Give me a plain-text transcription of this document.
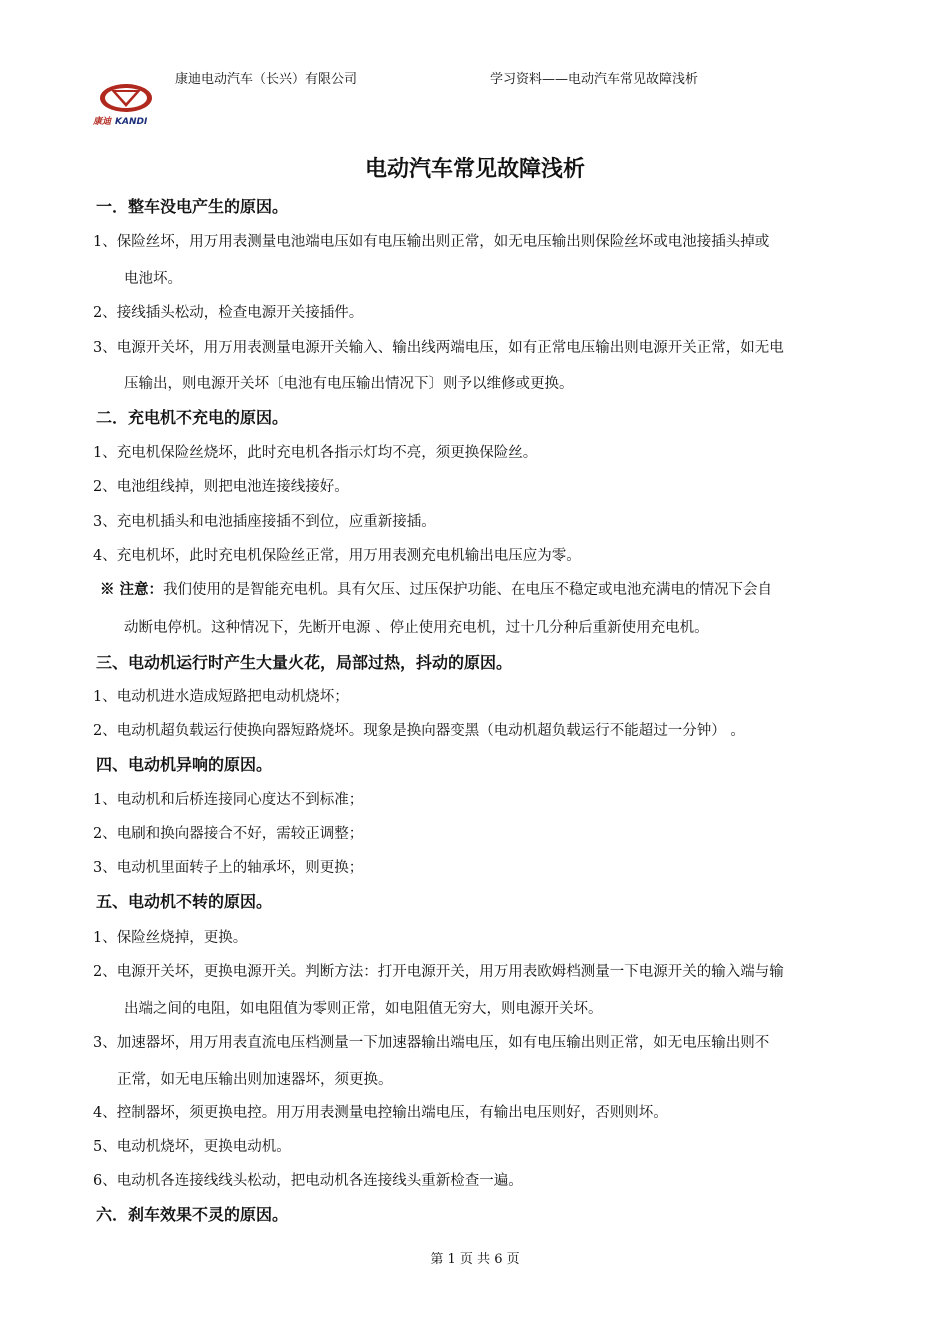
康迪电动汽车（长兴）有限公司	学习资料——电动汽车常见故障浅析
康迪 KANDI
电动汽车常见故障浅析
一．整车没电产生的原因。
1、保险丝坏，用万用表测量电池端电压如有电压输出则正常，如无电压输出则保险丝坏或电池接插头掉或
电池坏。
2、接线插头松动，检查电源开关接插件。
3、电源开关坏，用万用表测量电源开关输入、输出线两端电压，如有正常电压输出则电源开关正常，如无电
压输出，则电源开关坏〔电池有电压输出情况下〕则予以维修或更换。
二．充电机不充电的原因。
1、充电机保险丝烧坏，此时充电机各指示灯均不亮，须更换保险丝。
2、电池组线掉，则把电池连接线接好。
3、充电机插头和电池插座接插不到位，应重新接插。
4、充电机坏，此时充电机保险丝正常，用万用表测充电机输出电压应为零。
※ 注意：我们使用的是智能充电机。具有欠压、过压保护功能、在电压不稳定或电池充满电的情况下会自
动断电停机。这种情况下，先断开电源 、停止使用充电机，过十几分种后重新使用充电机。
三、电动机运行时产生大量火花，局部过热，抖动的原因。
1、电动机进水造成短路把电动机烧坏；
2、电动机超负载运行使换向器短路烧坏。现象是换向器变黑（电动机超负载运行不能超过一分钟） 。
四、电动机异响的原因。
1、电动机和后桥连接同心度达不到标准；
2、电刷和换向器接合不好，需较正调整；
3、电动机里面转子上的轴承坏，则更换；
五、电动机不转的原因。
1、保险丝烧掉，更换。
2、电源开关坏，更换电源开关。判断方法：打开电源开关，用万用表欧姆档测量一下电源开关的输入端与输
出端之间的电阻，如电阻值为零则正常，如电阻值无穷大，则电源开关坏。
3、加速器坏，用万用表直流电压档测量一下加速器输出端电压，如有电压输出则正常，如无电压输出则不
正常，如无电压输出则加速器坏，须更换。
4、控制器坏，须更换电控。用万用表测量电控输出端电压，有输出电压则好，否则则坏。
5、电动机烧坏，更换电动机。
6、电动机各连接线线头松动，把电动机各连接线头重新检查一遍。
六．刹车效果不灵的原因。
第 1 页 共 6 页
